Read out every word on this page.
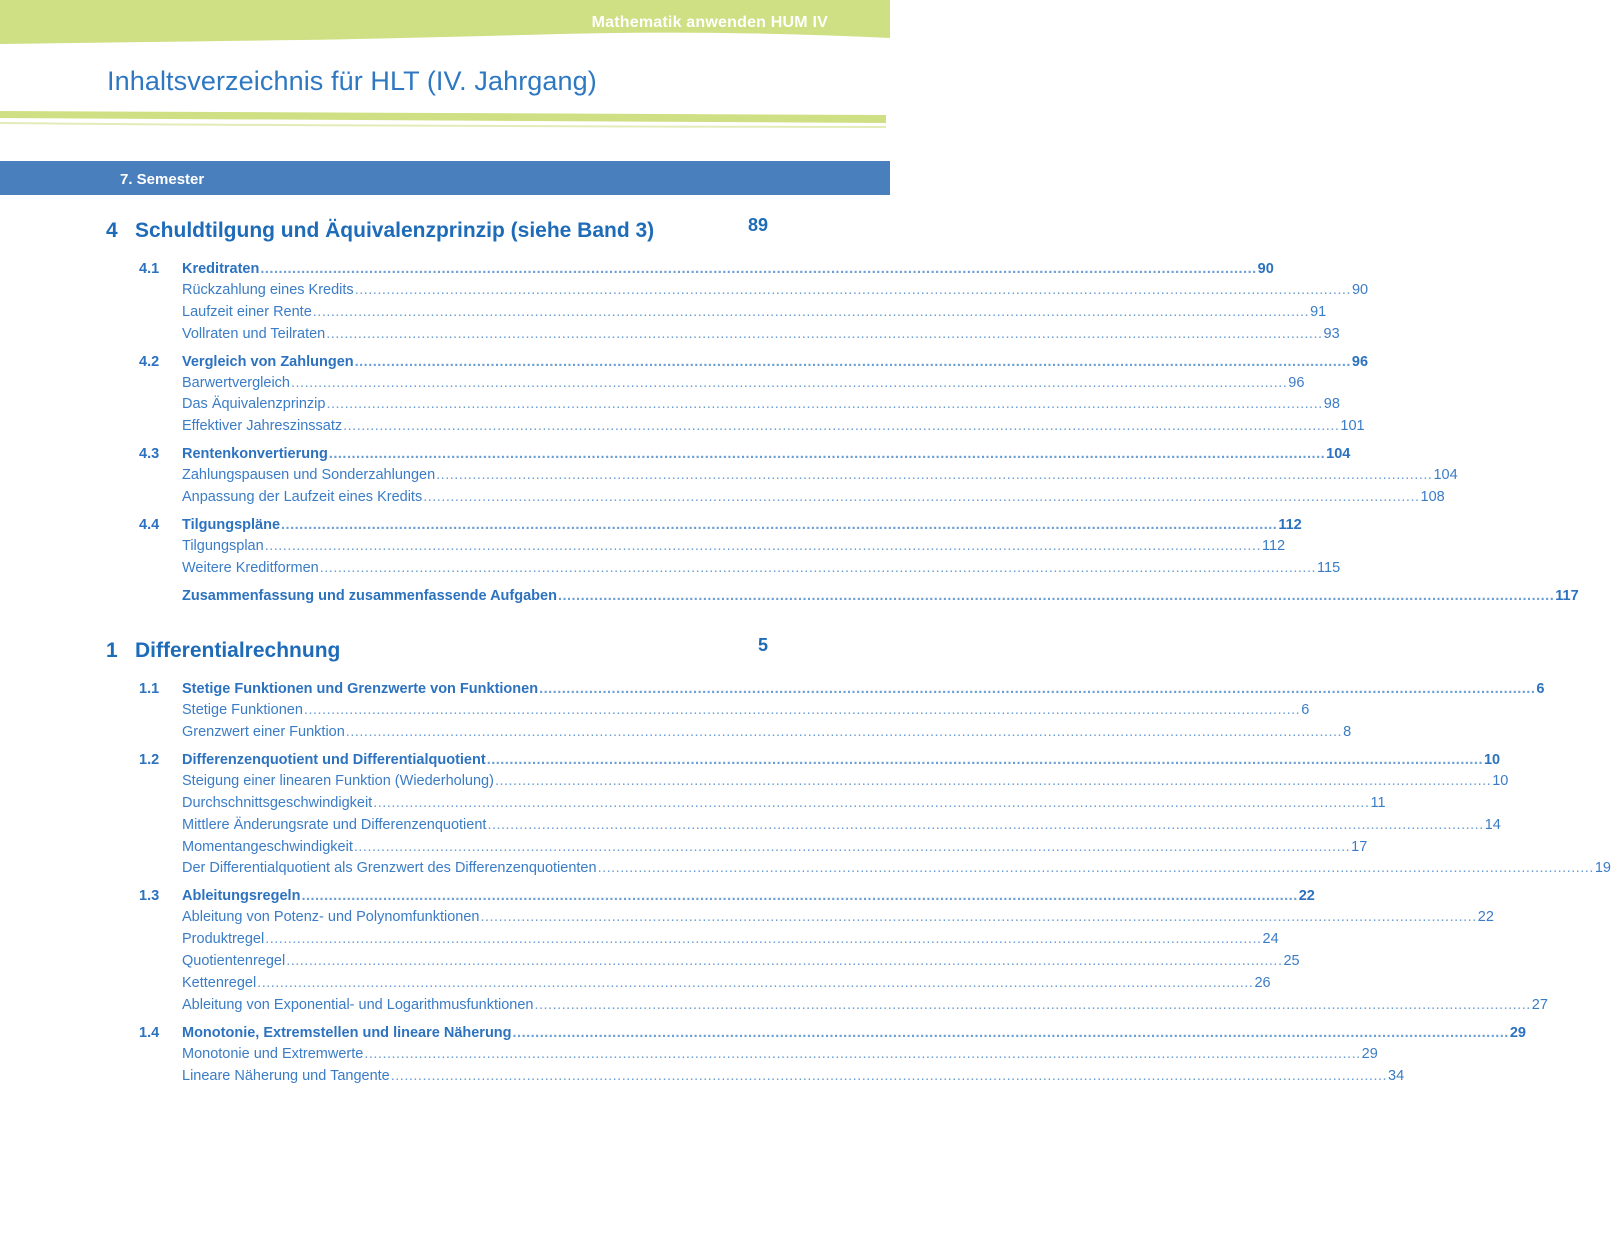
Mathematik anwenden HUM IV
Inhaltsverzeichnis für HLT (IV. Jahrgang)
7. Semester
4 Schuldtilgung und Äquivalenzprinzip (siehe Band 3)	89
4.1 Kreditraten ............................................................................................................................................................................................................................ 90
Rückzahlung eines Kredits ............................................................................................................................................................................................................................ 90
Laufzeit einer Rente ............................................................................................................................................................................................................................ 91
Vollraten und Teilraten ............................................................................................................................................................................................................................ 93
4.2 Vergleich von Zahlungen ............................................................................................................................................................................................................................ 96
Barwertvergleich ............................................................................................................................................................................................................................ 96
Das Äquivalenzprinzip ............................................................................................................................................................................................................................ 98
Effektiver Jahreszinssatz ............................................................................................................................................................................................................................ 101
4.3 Rentenkonvertierung ............................................................................................................................................................................................................................ 104
Zahlungspausen und Sonderzahlungen ............................................................................................................................................................................................................................ 104
Anpassung der Laufzeit eines Kredits ............................................................................................................................................................................................................................ 108
4.4 Tilgungspläne ............................................................................................................................................................................................................................ 112
Tilgungsplan ............................................................................................................................................................................................................................ 112
Weitere Kreditformen ............................................................................................................................................................................................................................ 115
Zusammenfassung und zusammenfassende Aufgaben ............................................................................................................................................................................................................................ 117
1 Differentialrechnung	5
1.1 Stetige Funktionen und Grenzwerte von Funktionen ............................................................................................................................................................................................................................ 6
Stetige Funktionen ............................................................................................................................................................................................................................ 6
Grenzwert einer Funktion ............................................................................................................................................................................................................................ 8
1.2 Differenzenquotient und Differentialquotient ............................................................................................................................................................................................................................ 10
Steigung einer linearen Funktion (Wiederholung) ............................................................................................................................................................................................................................ 10
Durchschnittsgeschwindigkeit ............................................................................................................................................................................................................................ 11
Mittlere Änderungsrate und Differenzenquotient ............................................................................................................................................................................................................................ 14
Momentangeschwindigkeit ............................................................................................................................................................................................................................ 17
Der Differentialquotient als Grenzwert des Differenzenquotienten ............................................................................................................................................................................................................................ 19
1.3 Ableitungsregeln ............................................................................................................................................................................................................................ 22
Ableitung von Potenz- und Polynomfunktionen ............................................................................................................................................................................................................................ 22
Produktregel ............................................................................................................................................................................................................................ 24
Quotientenregel ............................................................................................................................................................................................................................ 25
Kettenregel ............................................................................................................................................................................................................................ 26
Ableitung von Exponential- und Logarithmusfunktionen ............................................................................................................................................................................................................................ 27
1.4 Monotonie, Extremstellen und lineare Näherung ............................................................................................................................................................................................................................ 29
Monotonie und Extremwerte ............................................................................................................................................................................................................................ 29
Lineare Näherung und Tangente ............................................................................................................................................................................................................................ 34
